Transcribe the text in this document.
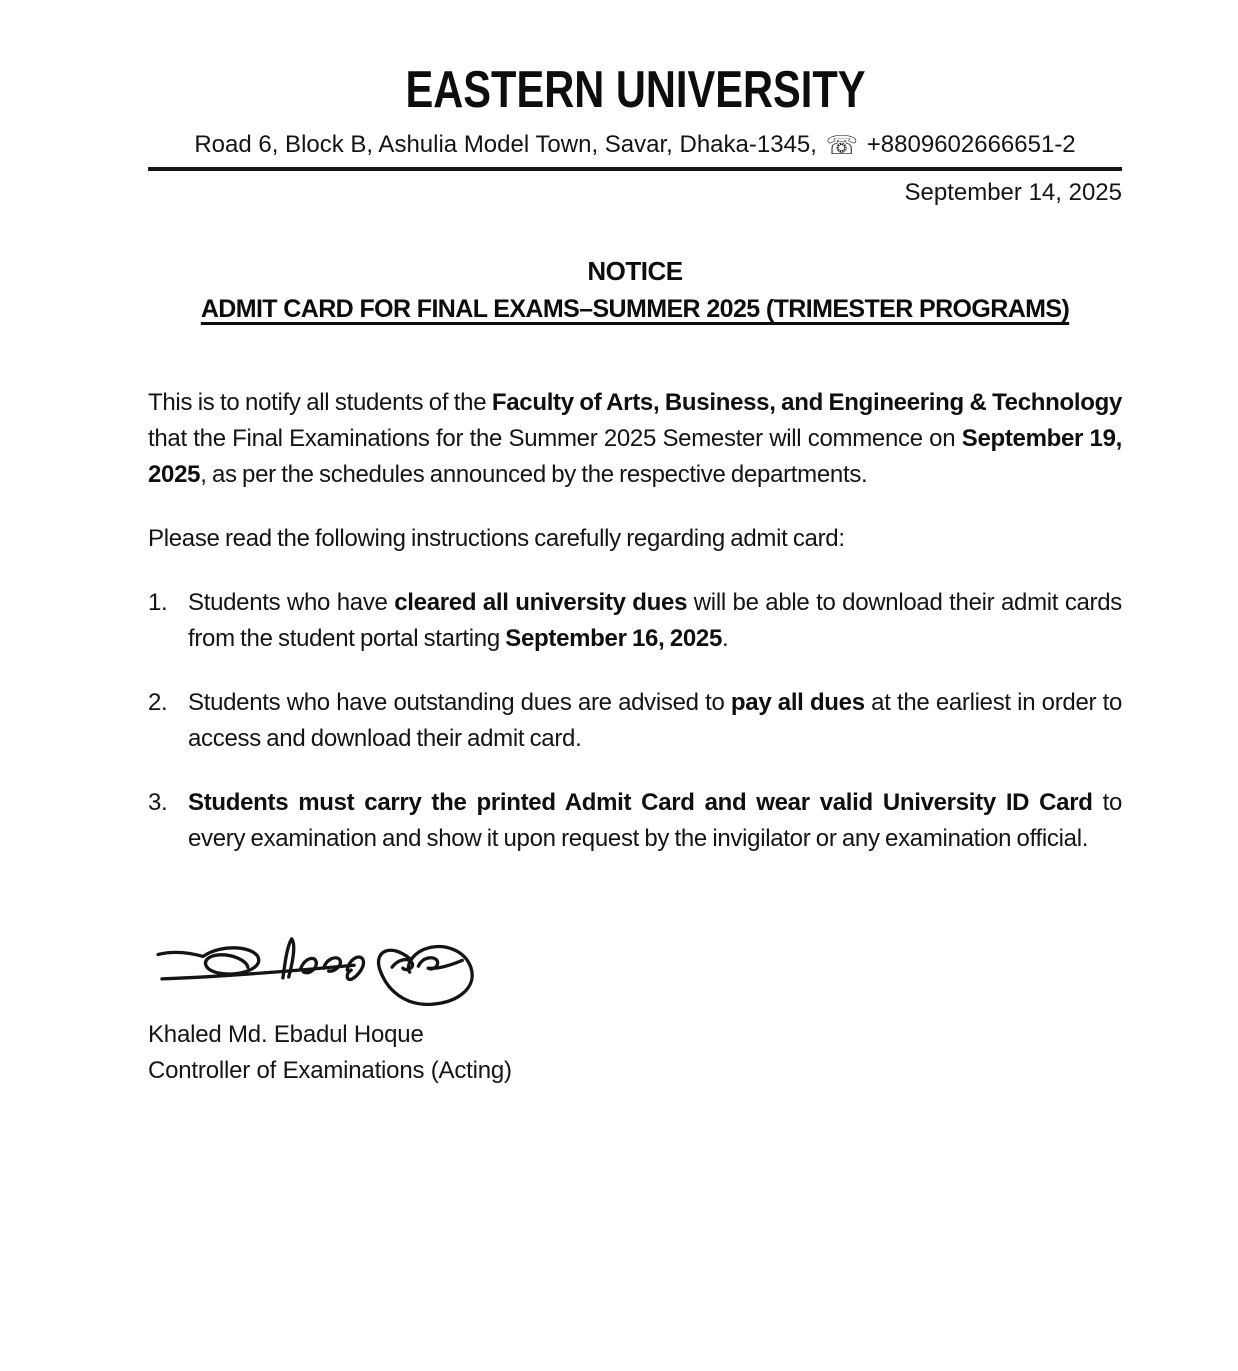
EASTERN UNIVERSITY
Road 6, Block B, Ashulia Model Town, Savar, Dhaka-1345, ☏ +8809602666651-2
September 14, 2025
NOTICE
ADMIT CARD FOR FINAL EXAMS–SUMMER 2025 (TRIMESTER PROGRAMS)
This is to notify all students of the Faculty of Arts, Business, and Engineering & Technology that the Final Examinations for the Summer 2025 Semester will commence on September 19, 2025, as per the schedules announced by the respective departments.
Please read the following instructions carefully regarding admit card:
1. Students who have cleared all university dues will be able to download their admit cards from the student portal starting September 16, 2025.
2. Students who have outstanding dues are advised to pay all dues at the earliest in order to access and download their admit card.
3. Students must carry the printed Admit Card and wear valid University ID Card to every examination and show it upon request by the invigilator or any examination official.
Khaled Md. Ebadul Hoque
Controller of Examinations (Acting)
